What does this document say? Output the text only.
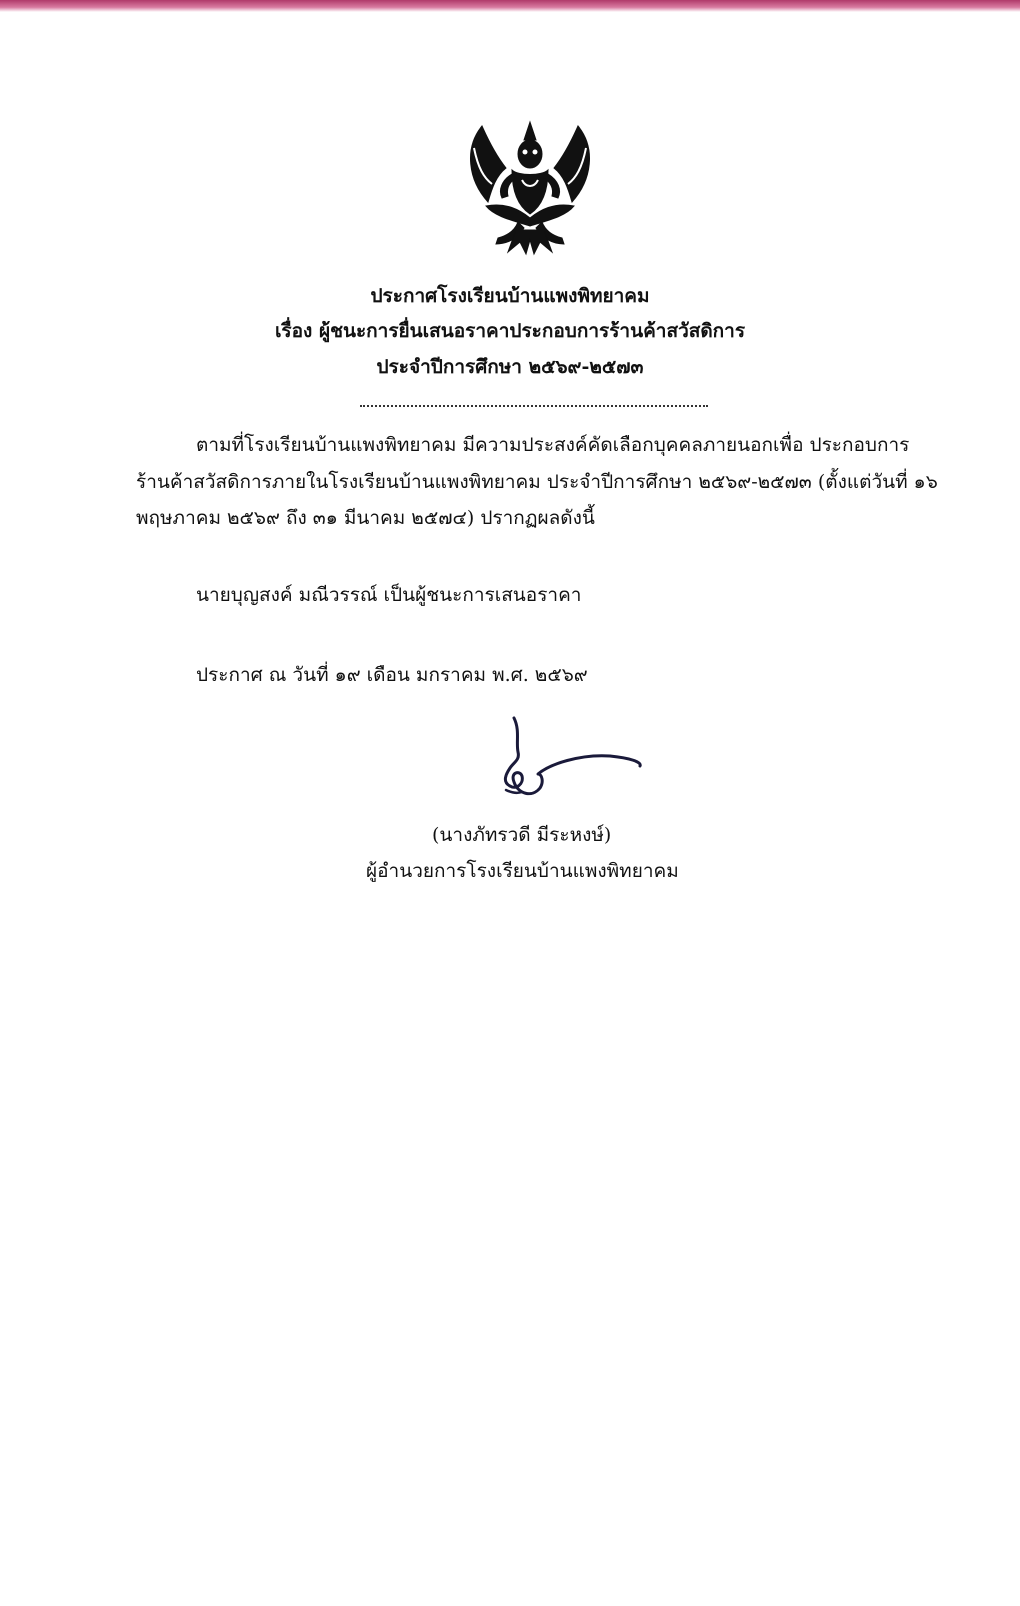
ประกาศโรงเรียนบ้านแพงพิทยาคม
เรื่อง ผู้ชนะการยื่นเสนอราคาประกอบการร้านค้าสวัสดิการ
ประจำปีการศึกษา ๒๕๖๙-๒๕๗๓
ตามที่โรงเรียนบ้านแพงพิทยาคม มีความประสงค์คัดเลือกบุคคลภายนอกเพื่อ ประกอบการ
ร้านค้าสวัสดิการภายในโรงเรียนบ้านแพงพิทยาคม ประจำปีการศึกษา ๒๕๖๙-๒๕๗๓ (ตั้งแต่วันที่ ๑๖
พฤษภาคม ๒๕๖๙ ถึง ๓๑ มีนาคม ๒๕๗๔) ปรากฏผลดังนี้
นายบุญสงค์ มณีวรรณ์ เป็นผู้ชนะการเสนอราคา
ประกาศ ณ วันที่ ๑๙ เดือน มกราคม พ.ศ. ๒๕๖๙
(นางภัทรวดี มีระหงษ์)
ผู้อำนวยการโรงเรียนบ้านแพงพิทยาคม
